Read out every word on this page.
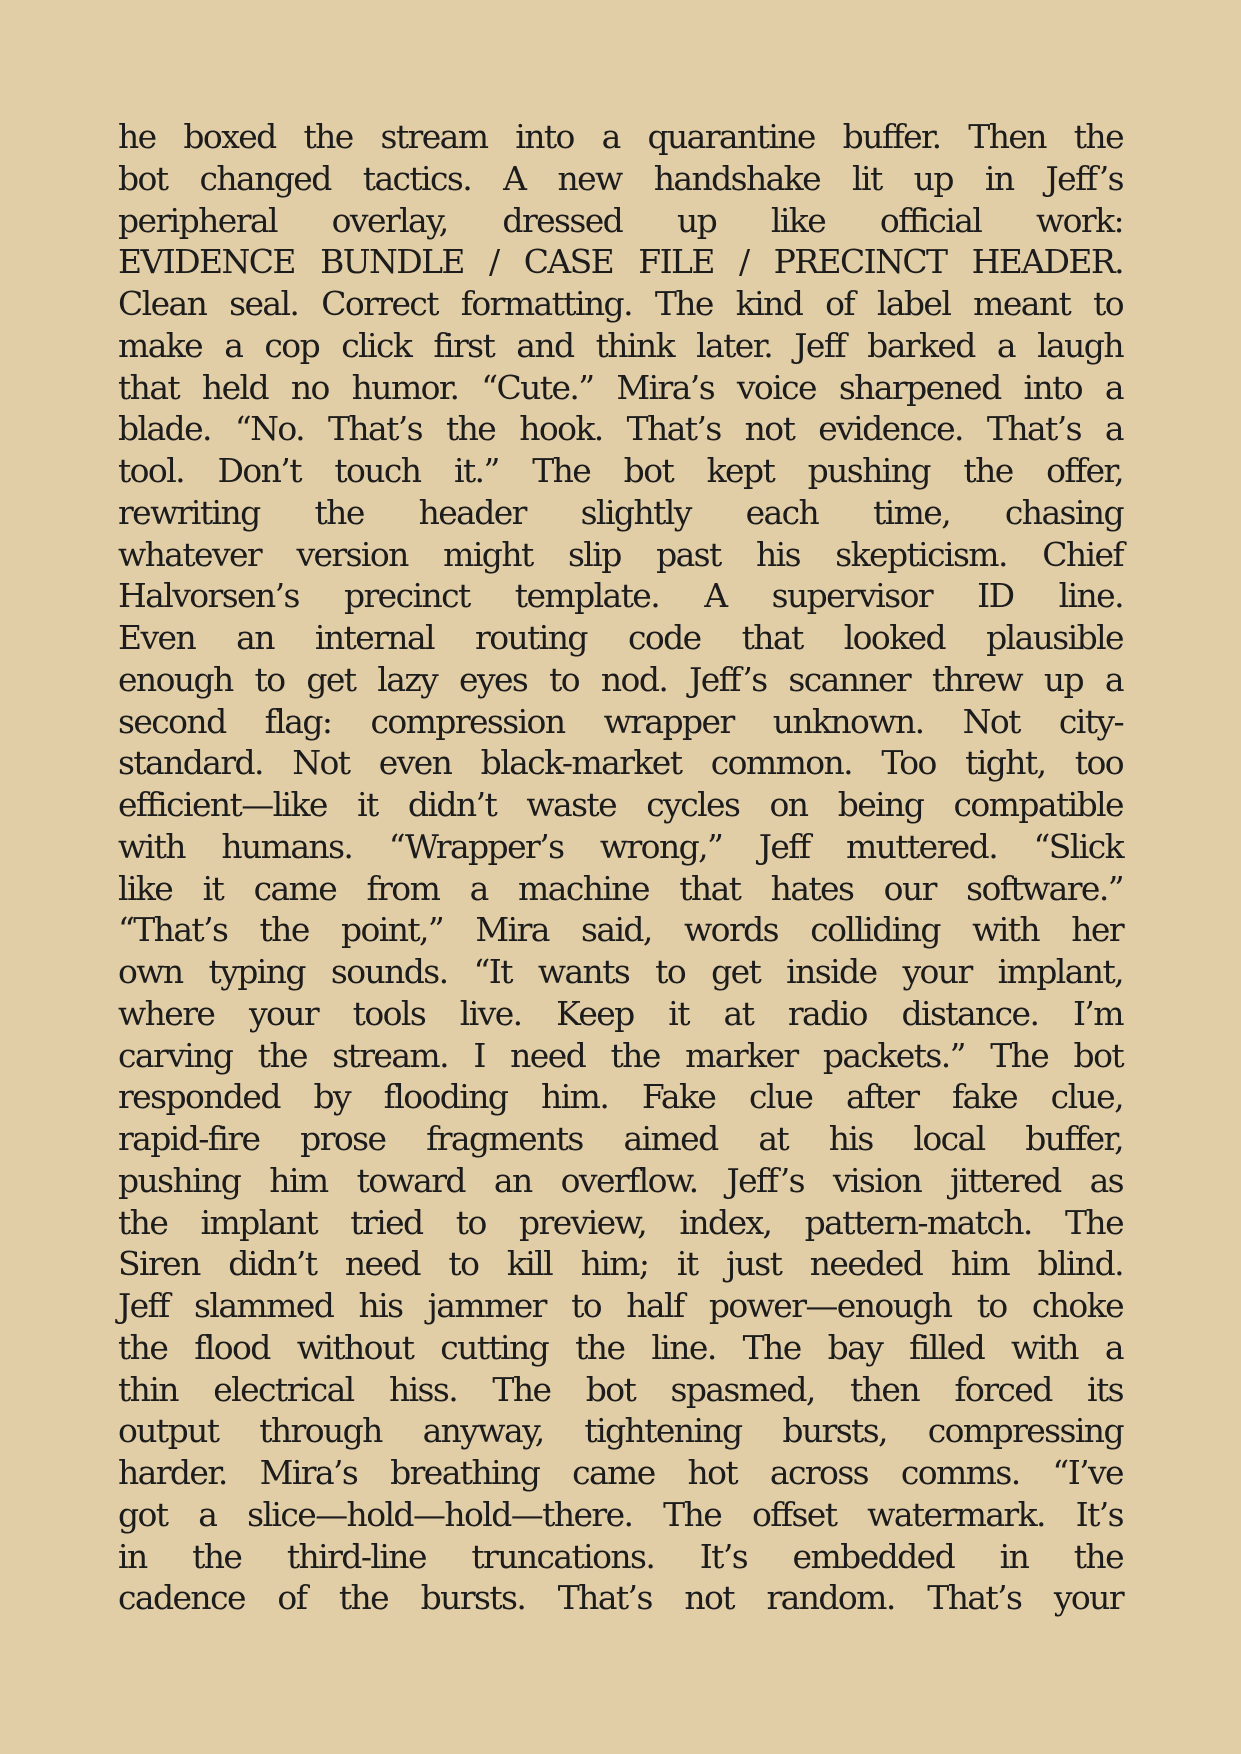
he boxed the stream into a quarantine buffer. Then the
bot changed tactics. A new handshake lit up in Jeff’s
peripheral overlay, dressed up like official work:
EVIDENCE BUNDLE / CASE FILE / PRECINCT HEADER.
Clean seal. Correct formatting. The kind of label meant to
make a cop click first and think later. Jeff barked a laugh
that held no humor. “Cute.” Mira’s voice sharpened into a
blade. “No. That’s the hook. That’s not evidence. That’s a
tool. Don’t touch it.” The bot kept pushing the offer,
rewriting the header slightly each time, chasing
whatever version might slip past his skepticism. Chief
Halvorsen’s precinct template. A supervisor ID line.
Even an internal routing code that looked plausible
enough to get lazy eyes to nod. Jeff’s scanner threw up a
second flag: compression wrapper unknown. Not city-
standard. Not even black-market common. Too tight, too
efficient—like it didn’t waste cycles on being compatible
with humans. “Wrapper’s wrong,” Jeff muttered. “Slick
like it came from a machine that hates our software.”
“That’s the point,” Mira said, words colliding with her
own typing sounds. “It wants to get inside your implant,
where your tools live. Keep it at radio distance. I’m
carving the stream. I need the marker packets.” The bot
responded by flooding him. Fake clue after fake clue,
rapid-fire prose fragments aimed at his local buffer,
pushing him toward an overflow. Jeff’s vision jittered as
the implant tried to preview, index, pattern-match. The
Siren didn’t need to kill him; it just needed him blind.
Jeff slammed his jammer to half power—enough to choke
the flood without cutting the line. The bay filled with a
thin electrical hiss. The bot spasmed, then forced its
output through anyway, tightening bursts, compressing
harder. Mira’s breathing came hot across comms. “I’ve
got a slice—hold—hold—there. The offset watermark. It’s
in the third-line truncations. It’s embedded in the
cadence of the bursts. That’s not random. That’s your
